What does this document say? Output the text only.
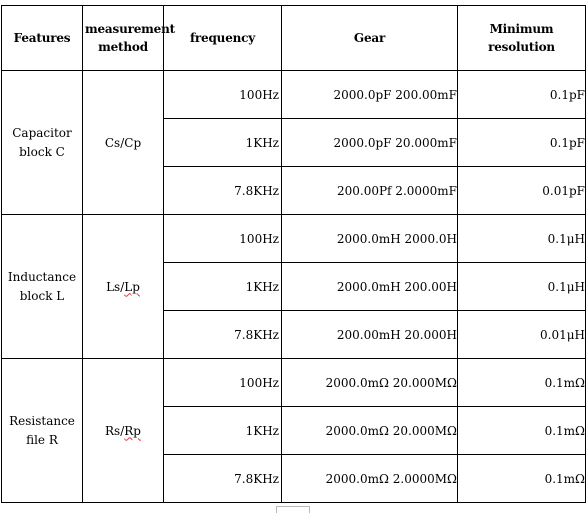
Features	measurement method	frequency	Gear	Minimum resolution
Capacitor block C	Cs/Cp	100Hz	2000.0pF 200.00mF	0.1pF
		1KHz	2000.0pF 20.000mF	0.1pF
		7.8KHz	200.00Pf 2.0000mF	0.01pF
Inductance block L	Ls/Lp	100Hz	2000.0mH 2000.0H	0.1μH
		1KHz	2000.0mH 200.00H	0.1μH
		7.8KHz	200.00mH 20.000H	0.01μH
Resistance file R	Rs/Rp	100Hz	2000.0mΩ 20.000MΩ	0.1mΩ
		1KHz	2000.0mΩ 20.000MΩ	0.1mΩ
		7.8KHz	2000.0mΩ 2.0000MΩ	0.1mΩ
